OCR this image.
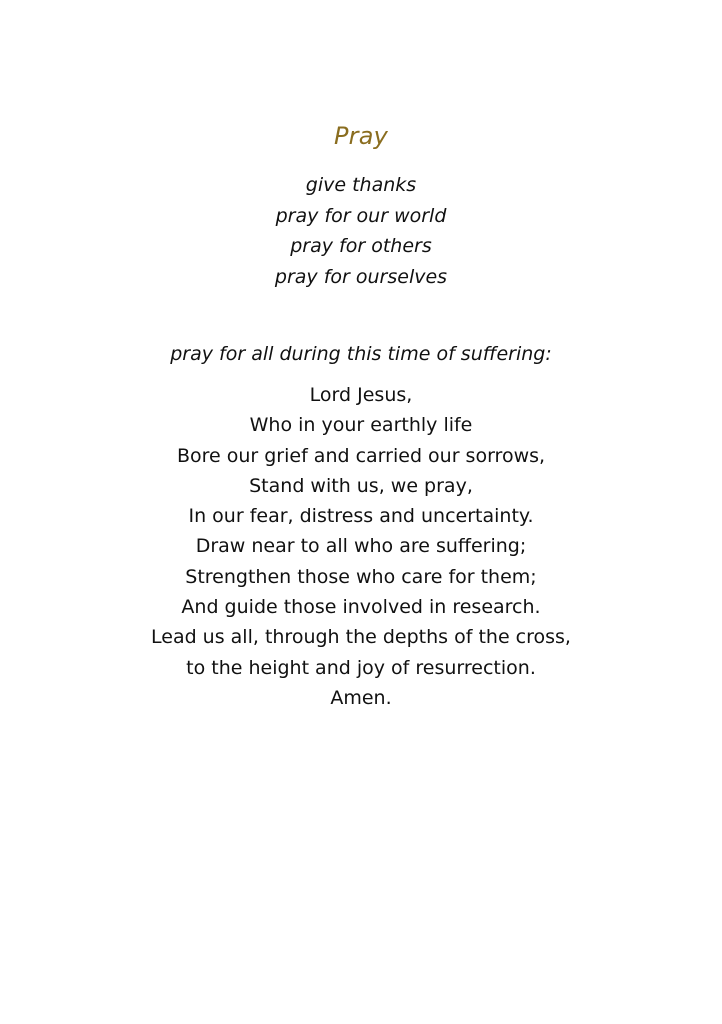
Pray
give thanks
pray for our world
pray for others
pray for ourselves
pray for all during this time of suffering:
Lord Jesus,
Who in your earthly life
Bore our grief and carried our sorrows,
Stand with us, we pray,
In our fear, distress and uncertainty.
Draw near to all who are suffering;
Strengthen those who care for them;
And guide those involved in research.
Lead us all, through the depths of the cross,
to the height and joy of resurrection.
Amen.
